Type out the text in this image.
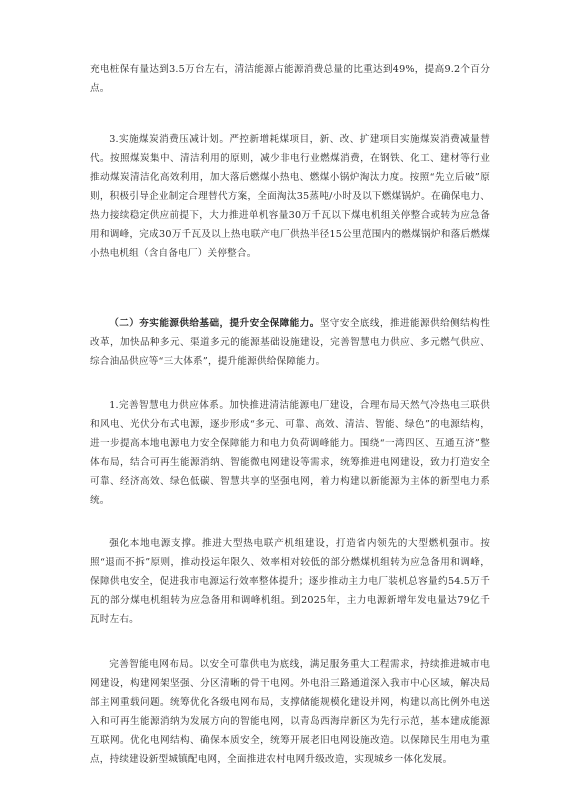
充电桩保有量达到3.5万台左右，清洁能源占能源消费总量的比重达到49%，提高9.2个百分点。

3.实施煤炭消费压减计划。严控新增耗煤项目，新、改、扩建项目实施煤炭消费减量替代。按照煤炭集中、清洁利用的原则，减少非电行业燃煤消费，在钢铁、化工、建材等行业推动煤炭清洁化高效利用，加大落后燃煤小热电、燃煤小锅炉淘汰力度。按照“先立后破”原则，积极引导企业制定合理替代方案，全面淘汰35蒸吨/小时及以下燃煤锅炉。在确保电力、热力接续稳定供应前提下，大力推进单机容量30万千瓦以下煤电机组关停整合或转为应急备用和调峰，完成30万千瓦及以上热电联产电厂供热半径15公里范围内的燃煤锅炉和落后燃煤小热电机组（含自备电厂）关停整合。

（二）夯实能源供给基础，提升安全保障能力。坚守安全底线，推进能源供给侧结构性改革，加快品种多元、渠道多元的能源基础设施建设，完善智慧电力供应、多元燃气供应、综合油品供应等“三大体系”，提升能源供给保障能力。

1.完善智慧电力供应体系。加快推进清洁能源电厂建设，合理布局天然气冷热电三联供和风电、光伏分布式电源，逐步形成“多元、可靠、高效、清洁、智能、绿色”的电源结构，进一步提高本地电源电力安全保障能力和电力负荷调峰能力。围绕“一湾四区、互通互济”整体布局，结合可再生能源消纳、智能微电网建设等需求，统筹推进电网建设，致力打造安全可靠、经济高效、绿色低碳、智慧共享的坚强电网，着力构建以新能源为主体的新型电力系统。

强化本地电源支撑。推进大型热电联产机组建设，打造省内领先的大型燃机强市。按照“退而不拆”原则，推动投运年限久、效率相对较低的部分燃煤机组转为应急备用和调峰，保障供电安全，促进我市电源运行效率整体提升；逐步推动主力电厂装机总容量约54.5万千瓦的部分煤电机组转为应急备用和调峰机组。到2025年，主力电源新增年发电量达79亿千瓦时左右。

完善智能电网布局。以安全可靠供电为底线，满足服务重大工程需求，持续推进城市电网建设，构建网架坚强、分区清晰的骨干电网。外电沿三路通道深入我市中心区域，解决局部主网重载问题。统筹优化各级电网布局，支撑储能规模化建设并网，构建以高比例外电送入和可再生能源消纳为发展方向的智能电网，以青岛西海岸新区为先行示范，基本建成能源互联网。优化电网结构、确保本质安全，统筹开展老旧电网设施改造。以保障民生用电为重点，持续建设新型城镇配电网，全面推进农村电网升级改造，实现城乡一体化发展。
